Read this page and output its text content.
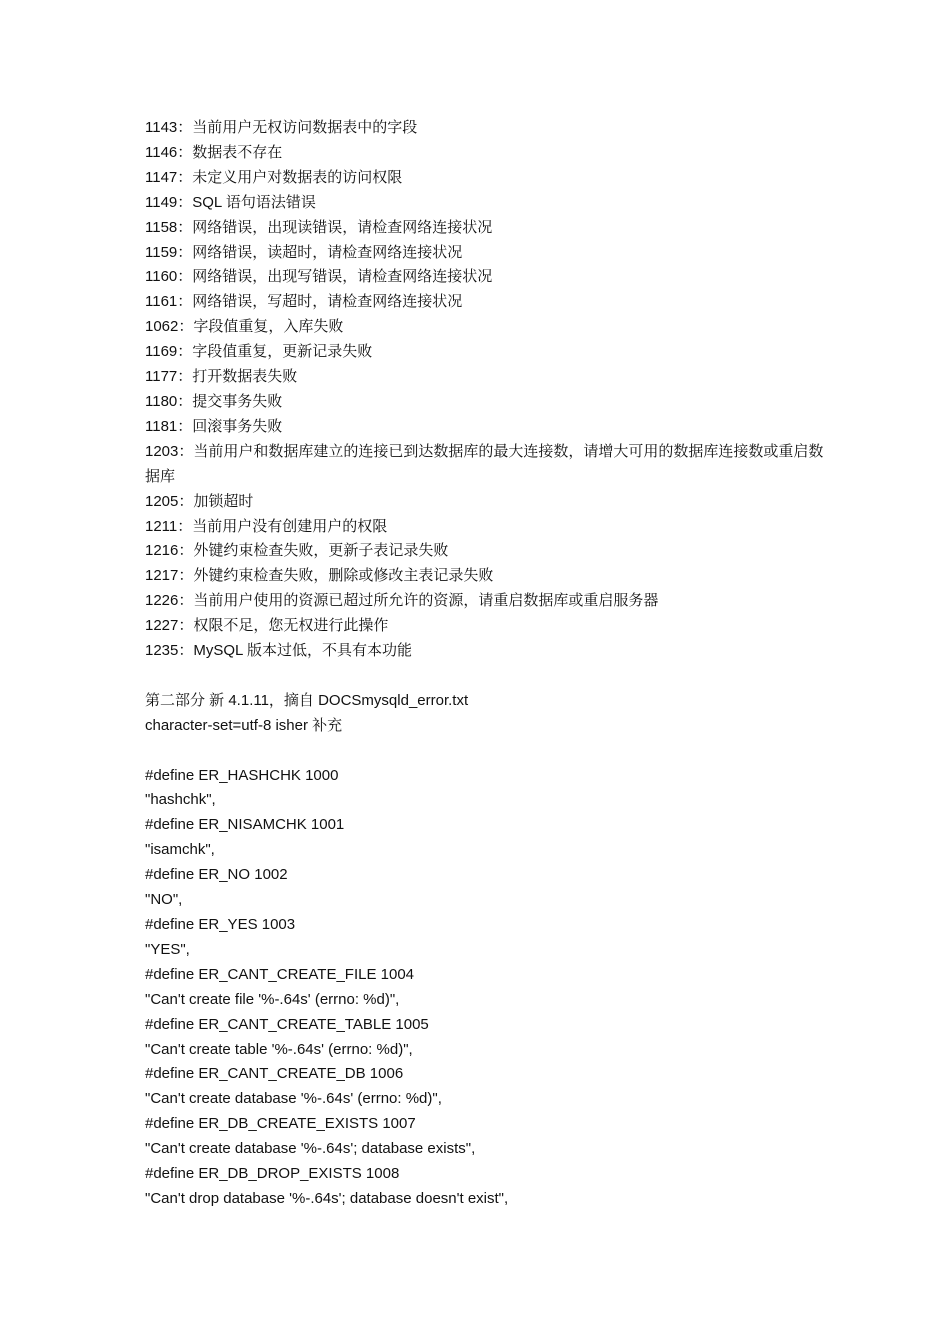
1143：当前用户无权访问数据表中的字段

1146：数据表不存在

1147：未定义用户对数据表的访问权限

1149：SQL 语句语法错误

1158：网络错误，出现读错误，请检查网络连接状况

1159：网络错误，读超时，请检查网络连接状况

1160：网络错误，出现写错误，请检查网络连接状况

1161：网络错误，写超时，请检查网络连接状况

1062：字段值重复，入库失败

1169：字段值重复，更新记录失败

1177：打开数据表失败

1180：提交事务失败

1181：回滚事务失败

1203：当前用户和数据库建立的连接已到达数据库的最大连接数，请增大可用的数据库连接数或重启数据库

1205：加锁超时

1211：当前用户没有创建用户的权限

1216：外键约束检查失败，更新子表记录失败

1217：外键约束检查失败，删除或修改主表记录失败

1226：当前用户使用的资源已超过所允许的资源，请重启数据库或重启服务器

1227：权限不足，您无权进行此操作

1235：MySQL 版本过低，不具有本功能

第二部分 新 4.1.11，摘自 DOCSmysqld_error.txt

character-set=utf-8 isher 补充

#define ER_HASHCHK 1000

"hashchk",

#define ER_NISAMCHK 1001

"isamchk",

#define ER_NO 1002

"NO",

#define ER_YES 1003

"YES",

#define ER_CANT_CREATE_FILE 1004

"Can't create file '%-.64s' (errno: %d)",

#define ER_CANT_CREATE_TABLE 1005

"Can't create table '%-.64s' (errno: %d)",

#define ER_CANT_CREATE_DB 1006

"Can't create database '%-.64s' (errno: %d)",

#define ER_DB_CREATE_EXISTS 1007

"Can't create database '%-.64s'; database exists",

#define ER_DB_DROP_EXISTS 1008

"Can't drop database '%-.64s'; database doesn't exist",
